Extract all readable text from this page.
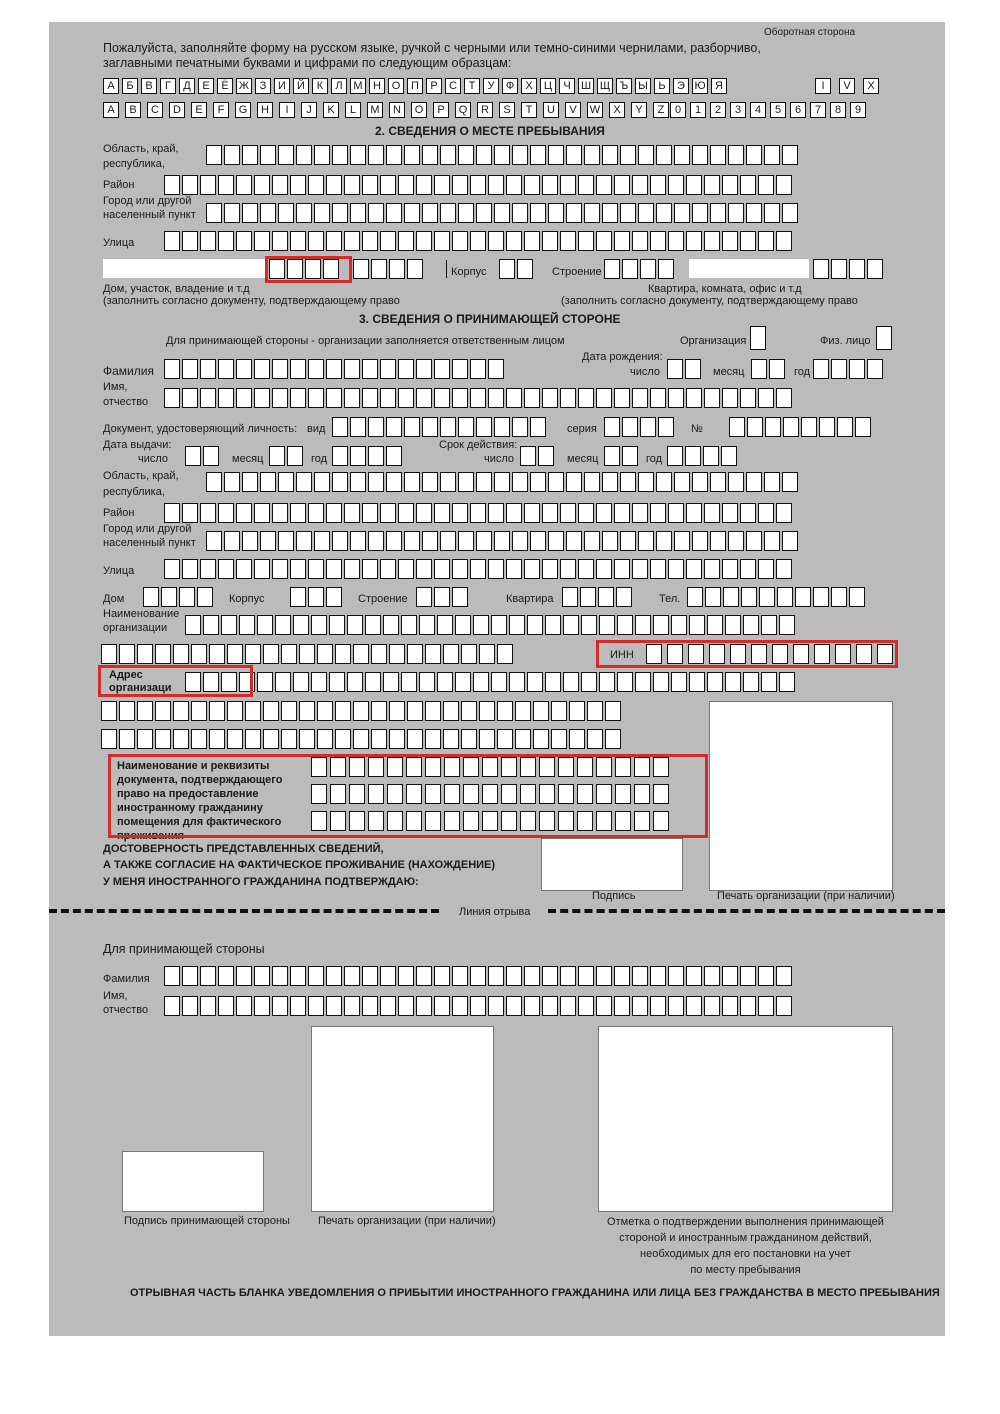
Оборотная сторона
Пожалуйста, заполняйте форму на русском языке, ручкой с черными или темно-синими чернилами, разборчиво,
заглавными печатными буквами и цифрами по следующим образцам:
А	Б	В	Г	Д	Е	Ё Ж З	И	Й	К	Л М Н О П	Р	С	Т	У	Ф	Х	Ц	Ч Ш Щ Ъ Ы Ь	Э Ю Я	I	V	X
A	B	C	D	E	F	G	H	I	J	K	L	M	N	O	P	Q	R	S	T	U	V	W	X	Y	Z 0	1	2	3	4	5	6	7	8	9
2. СВЕДЕНИЯ О МЕСТЕ ПРЕБЫВАНИЯ
Область, край,
республика,
Район
Город или другой
населенный пункт
Улица
Корпус	Строение
Дом, участок, владение и т.д
(заполнить согласно документу, подтверждающему право
Квартира, комната, офис и т.д
(заполнить согласно документу, подтверждающему право
3. СВЕДЕНИЯ О ПРИНИМАЮЩЕЙ СТОРОНЕ
Для принимающей стороны - организации заполняется ответственным лицом	Организация	Физ. лицо
Дата рождения:
Фамилия	число	месяц	год
Имя,
отчество
Документ, удостоверяющий личность: вид	серия	№
Дата выдачи:
число	месяц	год
Срок действия:
число	месяц	год
Область, край,
республика,
Район
Город или другой
населенный пункт
Улица
Дом	Корпус	Строение	Квартира	Тел.
Наименование
организации
ИНН
Адрес
организаци
Наименование и реквизиты
документа, подтверждающего
право на предоставление
иностранному гражданину
помещения для фактического
проживания
ДОСТОВЕРНОСТЬ ПРЕДСТАВЛЕННЫХ СВЕДЕНИЙ,
А ТАКЖЕ СОГЛАСИЕ НА ФАКТИЧЕСКОЕ ПРОЖИВАНИЕ (НАХОЖДЕНИЕ)
У МЕНЯ ИНОСТРАННОГО ГРАЖДАНИНА ПОДТВЕРЖДАЮ:
Подпись	Печать организации (при наличии)
Линия отрыва
Для принимающей стороны
Фамилия
Имя,
отчество
Подпись принимающей стороны	Печать организации (при наличии)	Отметка о подтверждении выполнения принимающей
стороной и иностранным гражданином действий,
необходимых для его постановки на учет
по месту пребывания
ОТРЫВНАЯ ЧАСТЬ БЛАНКА УВЕДОМЛЕНИЯ О ПРИБЫТИИ ИНОСТРАННОГО ГРАЖДАНИНА ИЛИ ЛИЦА БЕЗ ГРАЖДАНСТВА В МЕСТО ПРЕБЫВАНИЯ
